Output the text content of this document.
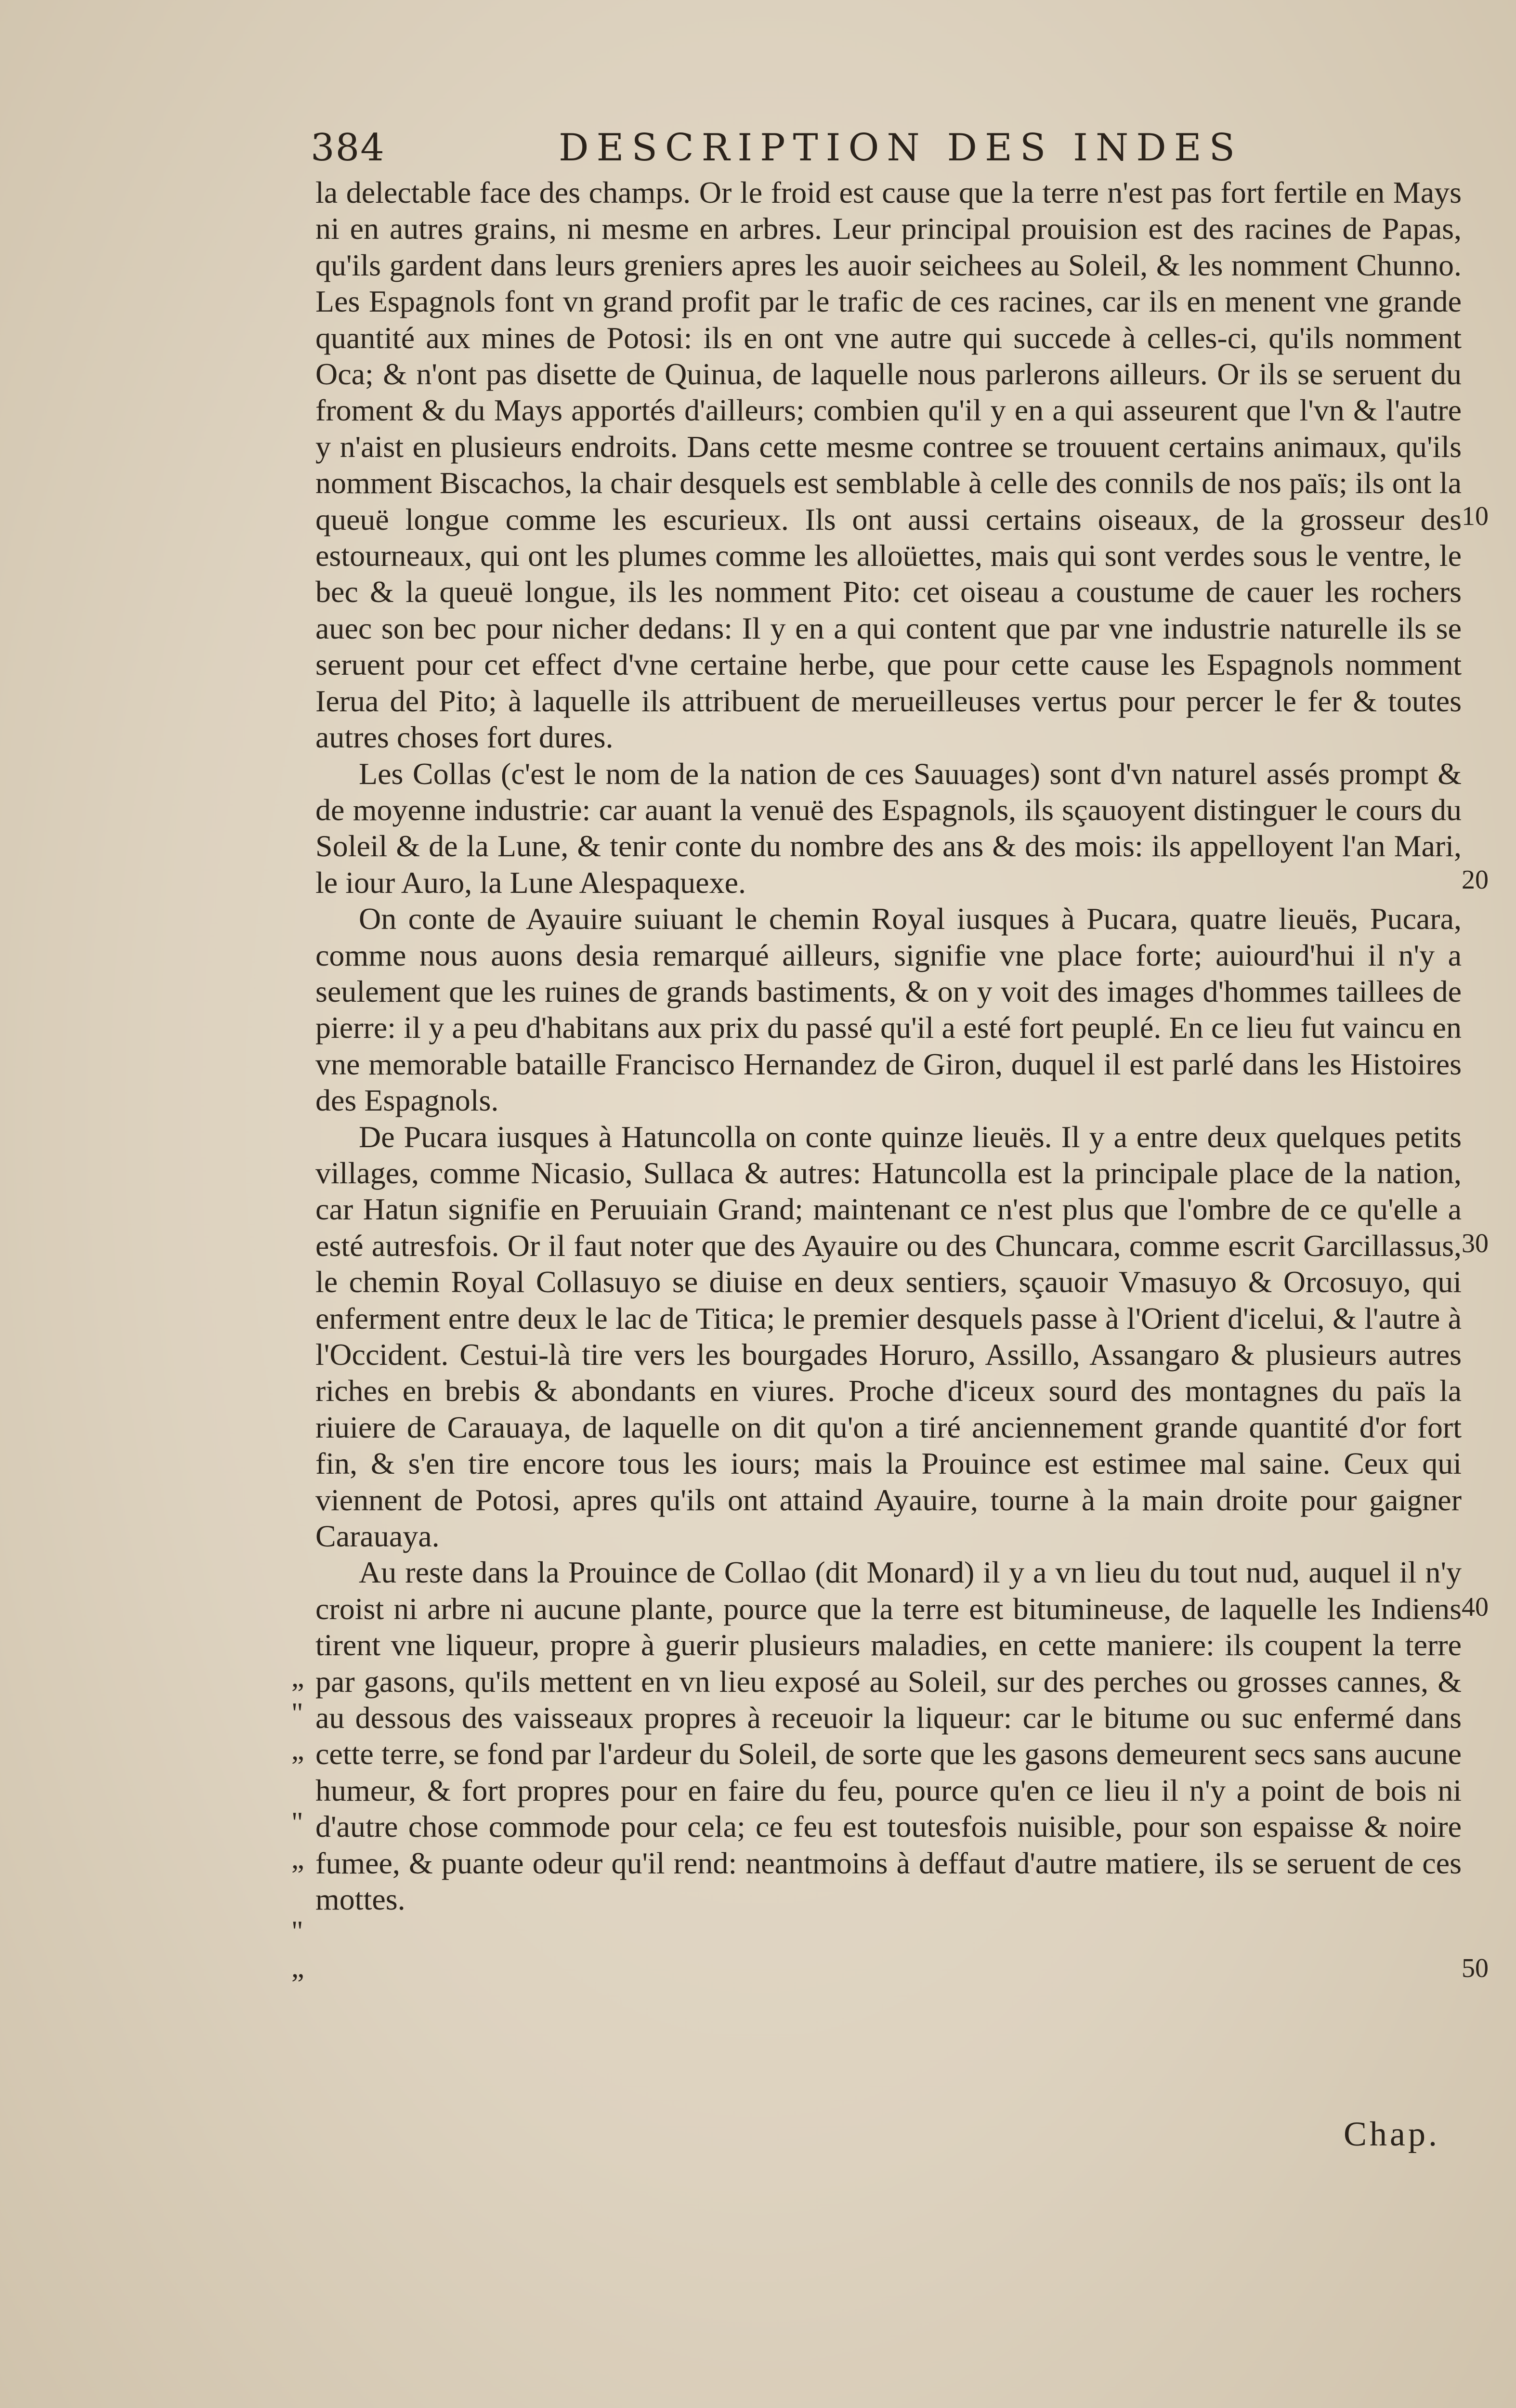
384	DESCRIPTION DES INDES

la delectable face des champs. Or le froid est cause que la terre n'est pas fort fertile en Mays ni en autres grains, ni mesme en arbres. Leur principal prouision est des racines de Papas, qu'ils gardent dans leurs greniers apres les auoir seichees au Soleil, & les nomment Chunno. Les Espagnols font vn grand profit par le trafic de ces racines, car ils en menent vne grande quantité aux mines de Potosi: ils en ont vne autre qui succede à celles-ci, qu'ils nomment Oca; & n'ont pas disette de Quinua, de laquelle nous parlerons ailleurs. Or ils se seruent du froment & du Mays apportés d'ailleurs; combien qu'il y en a qui asseurent que l'vn & l'autre y n'aist en plusieurs endroits. Dans cette mesme contree se trouuent certains animaux, qu'ils nomment Biscachos, la chair desquels est semblable à celle des connils de nos païs; ils ont la queuë longue comme les escurieux. Ils ont aussi certains oiseaux, de la grosseur des estourneaux, qui ont les plumes comme les alloüettes, mais qui sont verdes sous le ventre, le bec & la queuë longue, ils les nomment Pito: cet oiseau a coustume de cauer les rochers auec son bec pour nicher dedans: Il y en a qui content que par vne industrie naturelle ils se seruent pour cet effect d'vne certaine herbe, que pour cette cause les Espagnols nomment Ierua del Pito; à laquelle ils attribuent de merueilleuses vertus pour percer le fer & toutes autres choses fort dures.

Les Collas (c'est le nom de la nation de ces Sauuages) sont d'vn naturel assés prompt & de moyenne industrie: car auant la venuë des Espagnols, ils sçauoyent distinguer le cours du Soleil & de la Lune, & tenir conte du nombre des ans & des mois: ils appelloyent l'an Mari, le iour Auro, la Lune Alespaquexe.

On conte de Ayauire suiuant le chemin Royal iusques à Pucara, quatre lieuës, Pucara, comme nous auons desia remarqué ailleurs, signifie vne place forte; auiourd'hui il n'y a seulement que les ruines de grands bastiments, & on y voit des images d'hommes taillees de pierre: il y a peu d'habitans aux prix du passé qu'il a esté fort peuplé. En ce lieu fut vaincu en vne memorable bataille Francisco Hernandez de Giron, duquel il est parlé dans les Histoires des Espagnols.

De Pucara iusques à Hatuncolla on conte quinze lieuës. Il y a entre deux quelques petits villages, comme Nicasio, Sullaca & autres: Hatuncolla est la principale place de la nation, car Hatun signifie en Peruuiain Grand; maintenant ce n'est plus que l'ombre de ce qu'elle a esté autresfois. Or il faut noter que des Ayauire ou des Chuncara, comme escrit Garcillassus, le chemin Royal Collasuyo se diuise en deux sentiers, sçauoir Vmasuyo & Orcosuyo, qui enferment entre deux le lac de Titica; le premier desquels passe à l'Orient d'icelui, & l'autre à l'Occident. Cestui-là tire vers les bourgades Horuro, Assillo, Assangaro & plusieurs autres riches en brebis & abondants en viures. Proche d'iceux sourd des montagnes du païs la riuiere de Carauaya, de laquelle on dit qu'on a tiré anciennement grande quantité d'or fort fin, & s'en tire encore tous les iours; mais la Prouince est estimee mal saine. Ceux qui viennent de Potosi, apres qu'ils ont attaind Ayauire, tourne à la main droite pour gaigner Carauaya.

Au reste dans la Prouince de Collao (dit Monard) il y a vn lieu du tout nud, auquel il n'y croist ni arbre ni aucune plante, pource que la terre est bitumineuse, de laquelle les Indiens tirent vne liqueur, propre à guerir plusieurs maladies, en cette maniere: ils coupent la terre par gasons, qu'ils mettent en vn lieu exposé au Soleil, sur des perches ou grosses cannes, & au dessous des vaisseaux propres à receuoir la liqueur: car le bitume ou suc enfermé dans cette terre, se fond par l'ardeur du Soleil, de sorte que les gasons demeurent secs sans aucune humeur, & fort propres pour en faire du feu, pource qu'en ce lieu il n'y a point de bois ni d'autre chose commode pour cela; ce feu est toutesfois nuisible, pour son espaisse & noire fumee, & puante odeur qu'il rend: neantmoins à deffaut d'autre matiere, ils se seruent de ces mottes.

„
"
„
"
„
"
„
10
20
30
40
50
Chap.
